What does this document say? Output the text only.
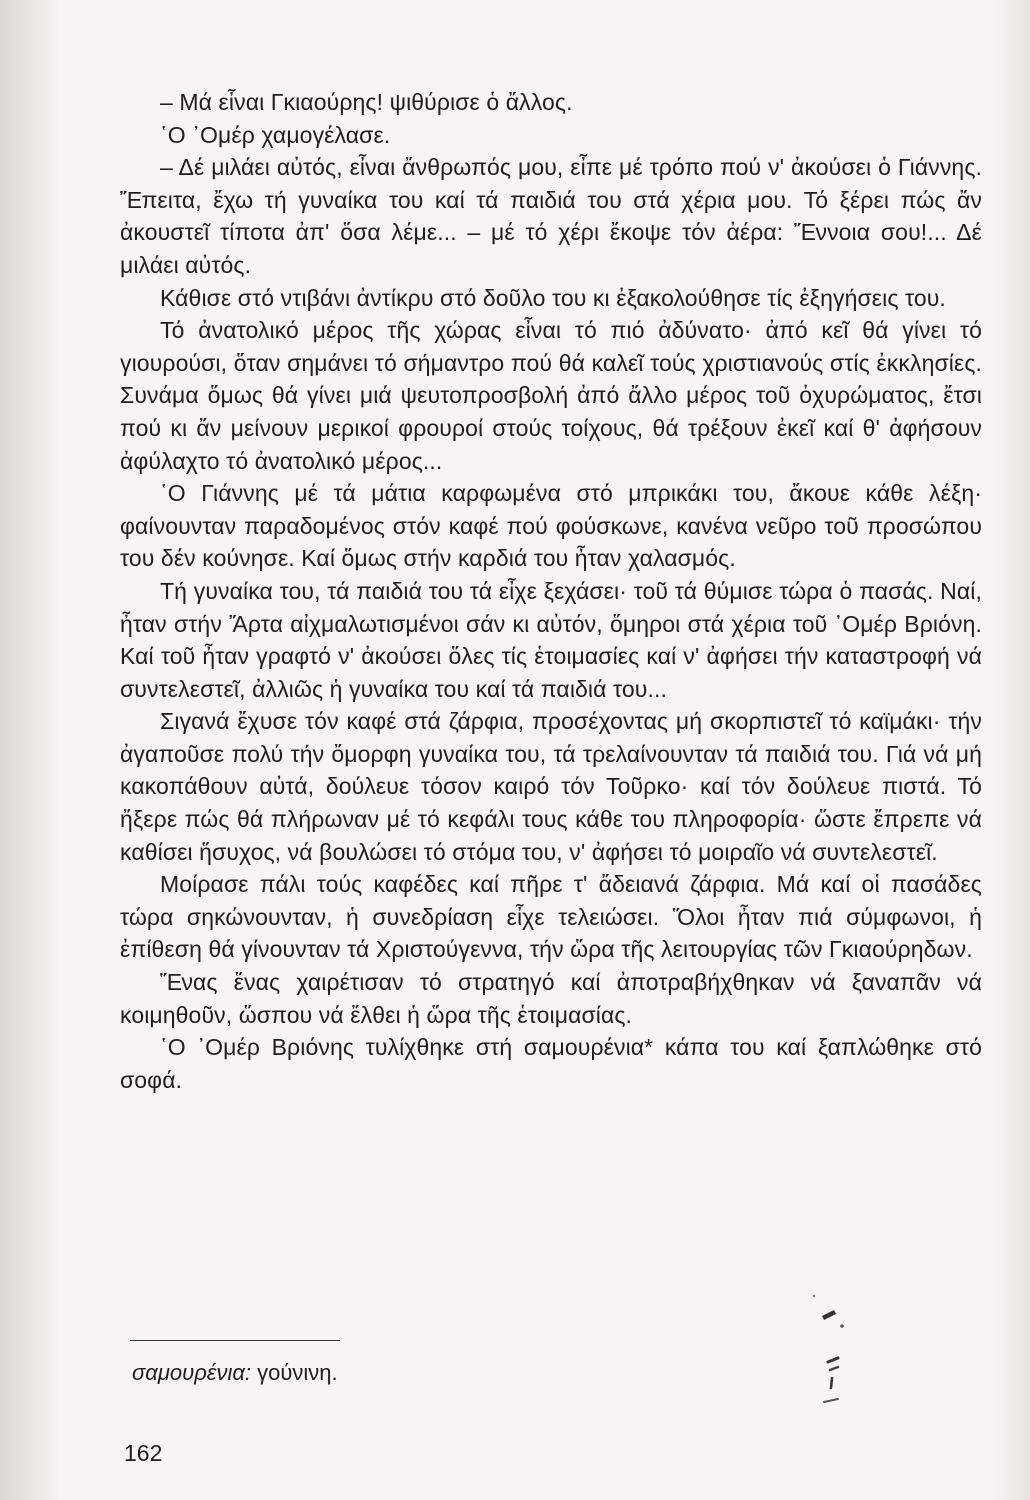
– Μά εἶναι Γκιαούρης! ψιθύρισε ὁ ἄλλος.

῾Ο ᾿Ομέρ χαμογέλασε.

– Δέ μιλάει αὐτός, εἶναι ἄνθρωπός μου, εἶπε μέ τρόπο πού ν' ἀκούσει ὁ Γιάννης. Ἔπειτα, ἔχω τή γυναίκα του καί τά παιδιά του στά χέρια μου. Τό ξέρει πώς ἄν ἀκουστεῖ τίποτα ἀπ' ὅσα λέμε... – μέ τό χέρι ἔκοψε τόν ἀέρα: Ἔννοια σου!... Δέ μιλάει αὐτός.

Κάθισε στό ντιβάνι ἀντίκρυ στό δοῦλο του κι ἐξακολούθησε τίς ἐξηγήσεις του.

Τό ἀνατολικό μέρος τῆς χώρας εἶναι τό πιό ἀδύνατο· ἀπό κεῖ θά γίνει τό γιουρούσι, ὅταν σημάνει τό σήμαντρο πού θά καλεῖ τούς χριστιανούς στίς ἐκκλησίες. Συνάμα ὅμως θά γίνει μιά ψευτοπροσβολή ἀπό ἄλλο μέρος τοῦ ὀχυρώματος, ἔτσι πού κι ἄν μείνουν μερικοί φρουροί στούς τοίχους, θά τρέξουν ἐκεῖ καί θ' ἀφήσουν ἀφύλαχτο τό ἀνατολικό μέρος...

῾Ο Γιάννης μέ τά μάτια καρφωμένα στό μπρικάκι του, ἄκουε κάθε λέξη· φαίνουνταν παραδομένος στόν καφέ πού φούσκωνε, κανένα νεῦρο τοῦ προσώπου του δέν κούνησε. Καί ὅμως στήν καρδιά του ἦταν χαλασμός.

Τή γυναίκα του, τά παιδιά του τά εἶχε ξεχάσει· τοῦ τά θύμισε τώρα ὁ πασάς. Ναί, ἦταν στήν Ἄρτα αἰχμαλωτισμένοι σάν κι αὐτόν, ὅμηροι στά χέρια τοῦ ᾿Ομέρ Βριόνη. Καί τοῦ ἦταν γραφτό ν' ἀκούσει ὅλες τίς ἑτοιμασίες καί ν' ἀφήσει τήν καταστροφή νά συντελεστεῖ, ἀλλιῶς ἡ γυναίκα του καί τά παιδιά του...

Σιγανά ἔχυσε τόν καφέ στά ζάρφια, προσέχοντας μή σκορπιστεῖ τό καϊμάκι· τήν ἀγαποῦσε πολύ τήν ὄμορφη γυναίκα του, τά τρελαίνουνταν τά παιδιά του. Γιά νά μή κακοπάθουν αὐτά, δούλευε τόσον καιρό τόν Τοῦρκο· καί τόν δούλευε πιστά. Τό ἤξερε πώς θά πλήρωναν μέ τό κεφάλι τους κάθε του πληροφορία· ὥστε ἔπρεπε νά καθίσει ἥσυχος, νά βουλώσει τό στόμα του, ν' ἀφήσει τό μοιραῖο νά συντελεστεῖ.

Μοίρασε πάλι τούς καφέδες καί πῆρε τ' ἄδειανά ζάρφια. Μά καί οἱ πασάδες τώρα σηκώνουνταν, ἡ συνεδρίαση εἶχε τελειώσει. Ὅλοι ἦταν πιά σύμφωνοι, ἡ ἐπίθεση θά γίνουνταν τά Χριστούγεννα, τήν ὥρα τῆς λειτουργίας τῶν Γκιαούρηδων.

Ἕνας ἕνας χαιρέτισαν τό στρατηγό καί ἀποτραβήχθηκαν νά ξαναπᾶν νά κοιμηθοῦν, ὥσπου νά ἔλθει ἡ ὥρα τῆς ἑτοιμασίας.

῾Ο ᾿Ομέρ Βριόνης τυλίχθηκε στή σαμουρένια* κάπα του καί ξαπλώθηκε στό σοφά.

σαμουρένια: γούνινη.
162
